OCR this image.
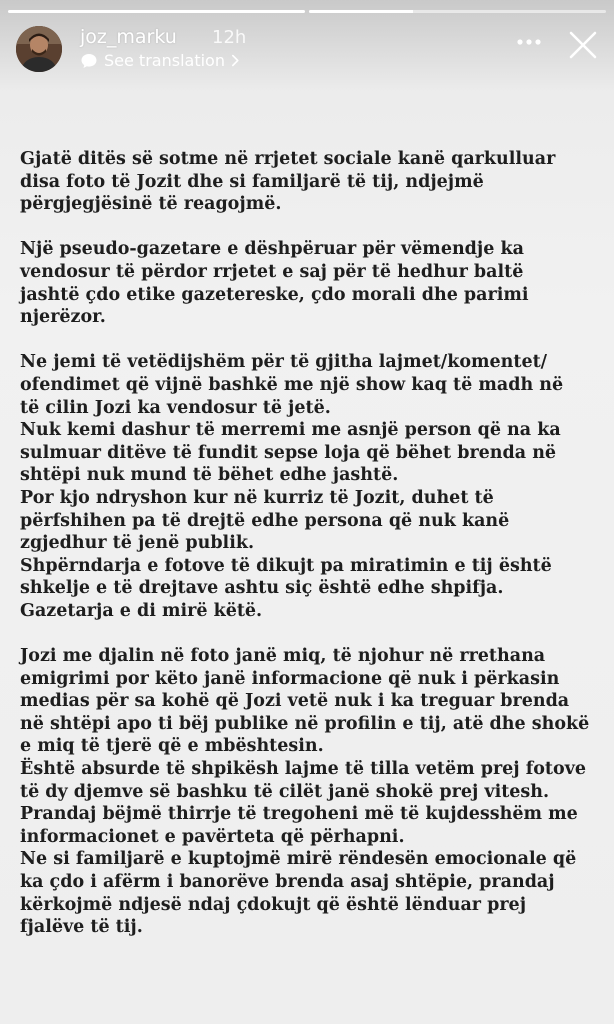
joz_marku 12h
See translation

Gjatë ditës së sotme në rrjetet sociale kanë qarkulluar
disa foto të Jozit dhe si familjarë të tij, ndjejmë
përgjegjësinë të reagojmë.

Një pseudo-gazetare e dëshpëruar për vëmendje ka
vendosur të përdor rrjetet e saj për të hedhur baltë
jashtë çdo etike gazetereske, çdo morali dhe parimi
njerëzor.

Ne jemi të vetëdijshëm për të gjitha lajmet/komentet/
ofendimet që vijnë bashkë me një show kaq të madh në
të cilin Jozi ka vendosur të jetë.
Nuk kemi dashur të merremi me asnjë person që na ka
sulmuar ditëve të fundit sepse loja që bëhet brenda në
shtëpi nuk mund të bëhet edhe jashtë.
Por kjo ndryshon kur në kurriz të Jozit, duhet të
përfshihen pa të drejtë edhe persona që nuk kanë
zgjedhur të jenë publik.
Shpërndarja e fotove të dikujt pa miratimin e tij është
shkelje e të drejtave ashtu siç është edhe shpifja.
Gazetarja e di mirë këtë.

Jozi me djalin në foto janë miq, të njohur në rrethana
emigrimi por këto janë informacione që nuk i përkasin
medias për sa kohë që Jozi vetë nuk i ka treguar brenda
në shtëpi apo ti bëj publike në profilin e tij, atë dhe shokë
e miq të tjerë që e mbështesin.
Është absurde të shpikësh lajme të tilla vetëm prej fotove
të dy djemve së bashku të cilët janë shokë prej vitesh.
Prandaj bëjmë thirrje të tregoheni më të kujdesshëm me
informacionet e pavërteta që përhapni.
Ne si familjarë e kuptojmë mirë rëndesën emocionale që
ka çdo i afërm i banorëve brenda asaj shtëpie, prandaj
kërkojmë ndjesë ndaj çdokujt që është lënduar prej
fjalëve të tij.
